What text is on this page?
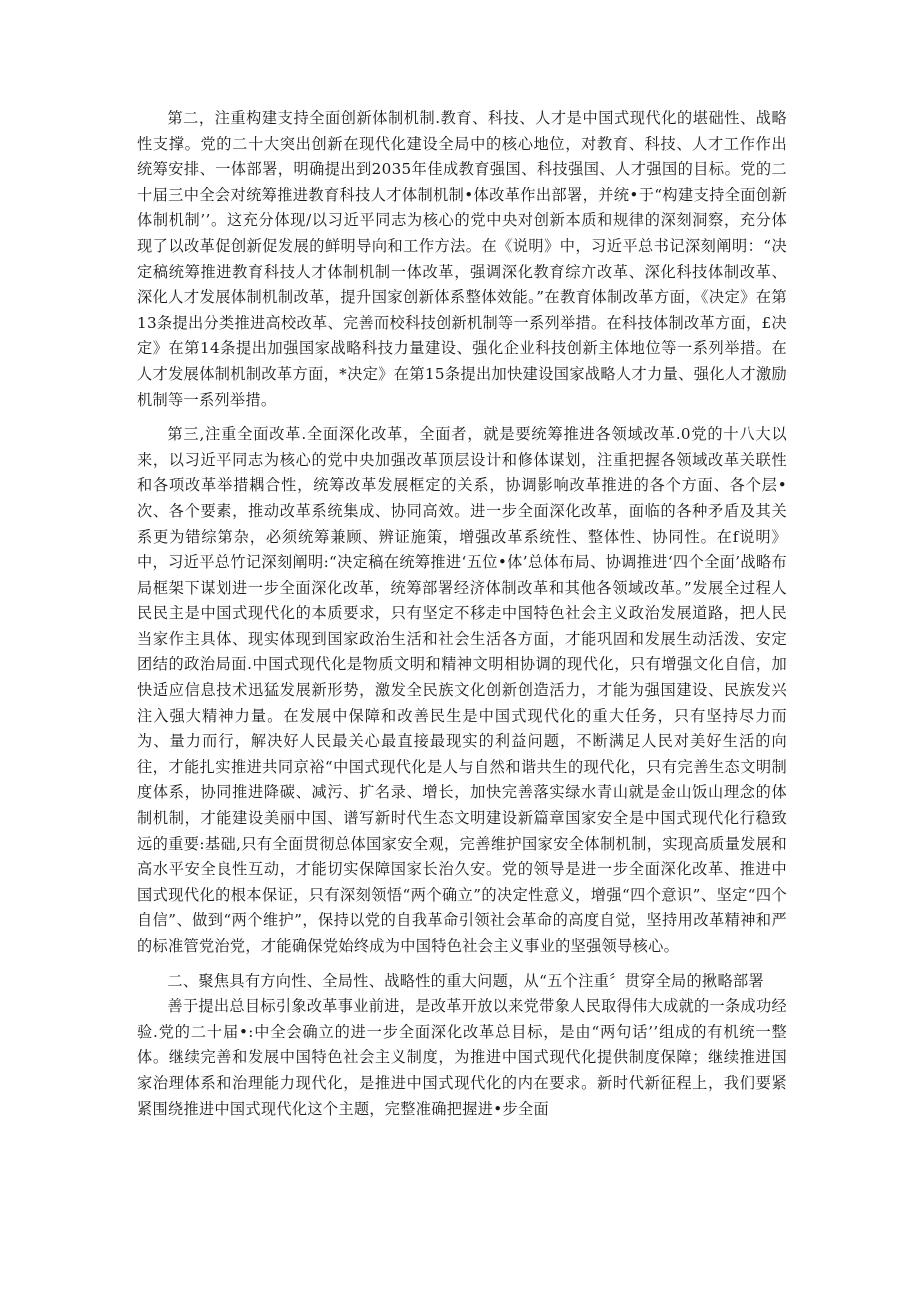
第二，注重构建支持全面创新体制机制.教育、科技、人才是中国式现代化的堪础性、战略性支撑。党的二十大突出创新在现代化建设全局中的核心地位，对教育、科技、人才工作作出统筹安排、一体部署，明确提出到2035年佳成教育强国、科技强国、人才强国的目标。党的二十届三中全会对统筹推进教育科技人才体制机制•体改革作出部署，并统•于“构建支持全面创新体制机制’’。这充分体现/以习近平同志为核心的党中央对创新本质和规律的深刻洞察，充分体现了以改革促创新促发展的鲜明导向和工作方法。在《说明》中，习近平总书记深刻阐明：“决定稿统筹推进教育科技人才体制机制一体改革，强调深化教育综亣改革、深化科技体制改革、深化人才发展体制机制改革，提升国家创新体系整体效能。”在教育体制改革方面，《决定》在第13条提出分类推进高校改革、完善而校科技创新机制等一系列举措。在科技体制改革方面，£决定》在第14条提出加强国家战略科技力量建设、强化企业科技创新主体地位等一系列举措。在人才发展体制机制改革方面，*决定》在第15条提出加快建设国家战略人才力量、强化人才激励机制等一系列举措。

第三,注重全面改革.全面深化改革，全面者，就是要统筹推进各领域改革.0党的十八大以来，以习近平同志为核心的党中央加强改革顶层设计和修体谋划，注重把握各领域改革关联性和各项改革举措耦合性，统筹改革发展框定的关系，协调影响改革推进的各个方面、各个层•次、各个要素，推动改革系统集成、协同高效。进一步全面深化改革，面临的各种矛盾及其关系更为错综第杂，必须统筹兼顾、辨证施策，增强改革系统性、整体性、协同性。在f说明》中，习近平总竹记深刻阐明:“决定稿在统筹推进‘五位•体’总体布局、协调推进‘四个全面’战略布局框架下谋划进一步全面深化改革，统筹部署经济体制改革和其他各领域改革。”发展全过程人民民主是中国式现代化的本质要求，只有坚定不移走中国特色社会主义政治发展道路，把人民当家作主具体、现实体现到国家政治生活和社会生活各方面，才能巩固和发展生动活泼、安定团结的政治局面.中国式现代化是物质文明和精神文明相协调的现代化，只有增强文化自信，加快适应信息技术迅猛发展新形势，激发全民族文化创新创造活力，才能为强国建设、民族发兴注入强大精神力量。在发展中保障和改善民生是中国式现代化的重大任务，只有坚持尽力而为、量力而行，解决好人民最关心最直接最现实的利益问题，不断满足人民对美好生活的向往，才能扎实推进共同京裕“中国式现代化是人与自然和谐共生的现代化，只有完善生态文明制度体系，协同推进降碳、减污、扩名录、增长，加快完善落实绿水青山就是金山饭山理念的体制机制，才能建设美丽中国、谱写新时代生态文明建设新篇章国家安全是中国式现代化行稳致远的重要:基础,只有全面贯彻总体国家安全观，完善维护国家安全体制机制，实现高质量发展和高水平安全良性互动，才能切实保障国家长治久安。党的领导是进一步全面深化改革、推进中国式现代化的根本保证，只有深刻领悟“两个确立”的决定性意义，增强“四个意识”、坚定“四个自信”、做到“两个维护”，保持以党的自我革命引领社会革命的高度自觉，坚持用改革精神和严的标准管党治党，才能确保党始终成为中国特色社会主义事业的坚强领导核心。

二、聚焦具有方向性、全局性、战略性的重大问题，从“五个注重〞贯穿全局的揪略部署

善于提出总目标引象改革事业前进，是改革开放以来党带象人民取得伟大成就的一条成功经验.党的二十届•:中全会确立的进一步全面深化改革总目标，是由“两句话’’组成的有机统一整体。继续完善和发展中国特色社会主义制度，为推进中国式现代化提供制度保障；继续推进国家治理体系和治理能力现代化，是推进中国式现代化的内在要求。新时代新征程上，我们要紧紧围绕推进中国式现代化这个主题，完整准确把握进•步全面
